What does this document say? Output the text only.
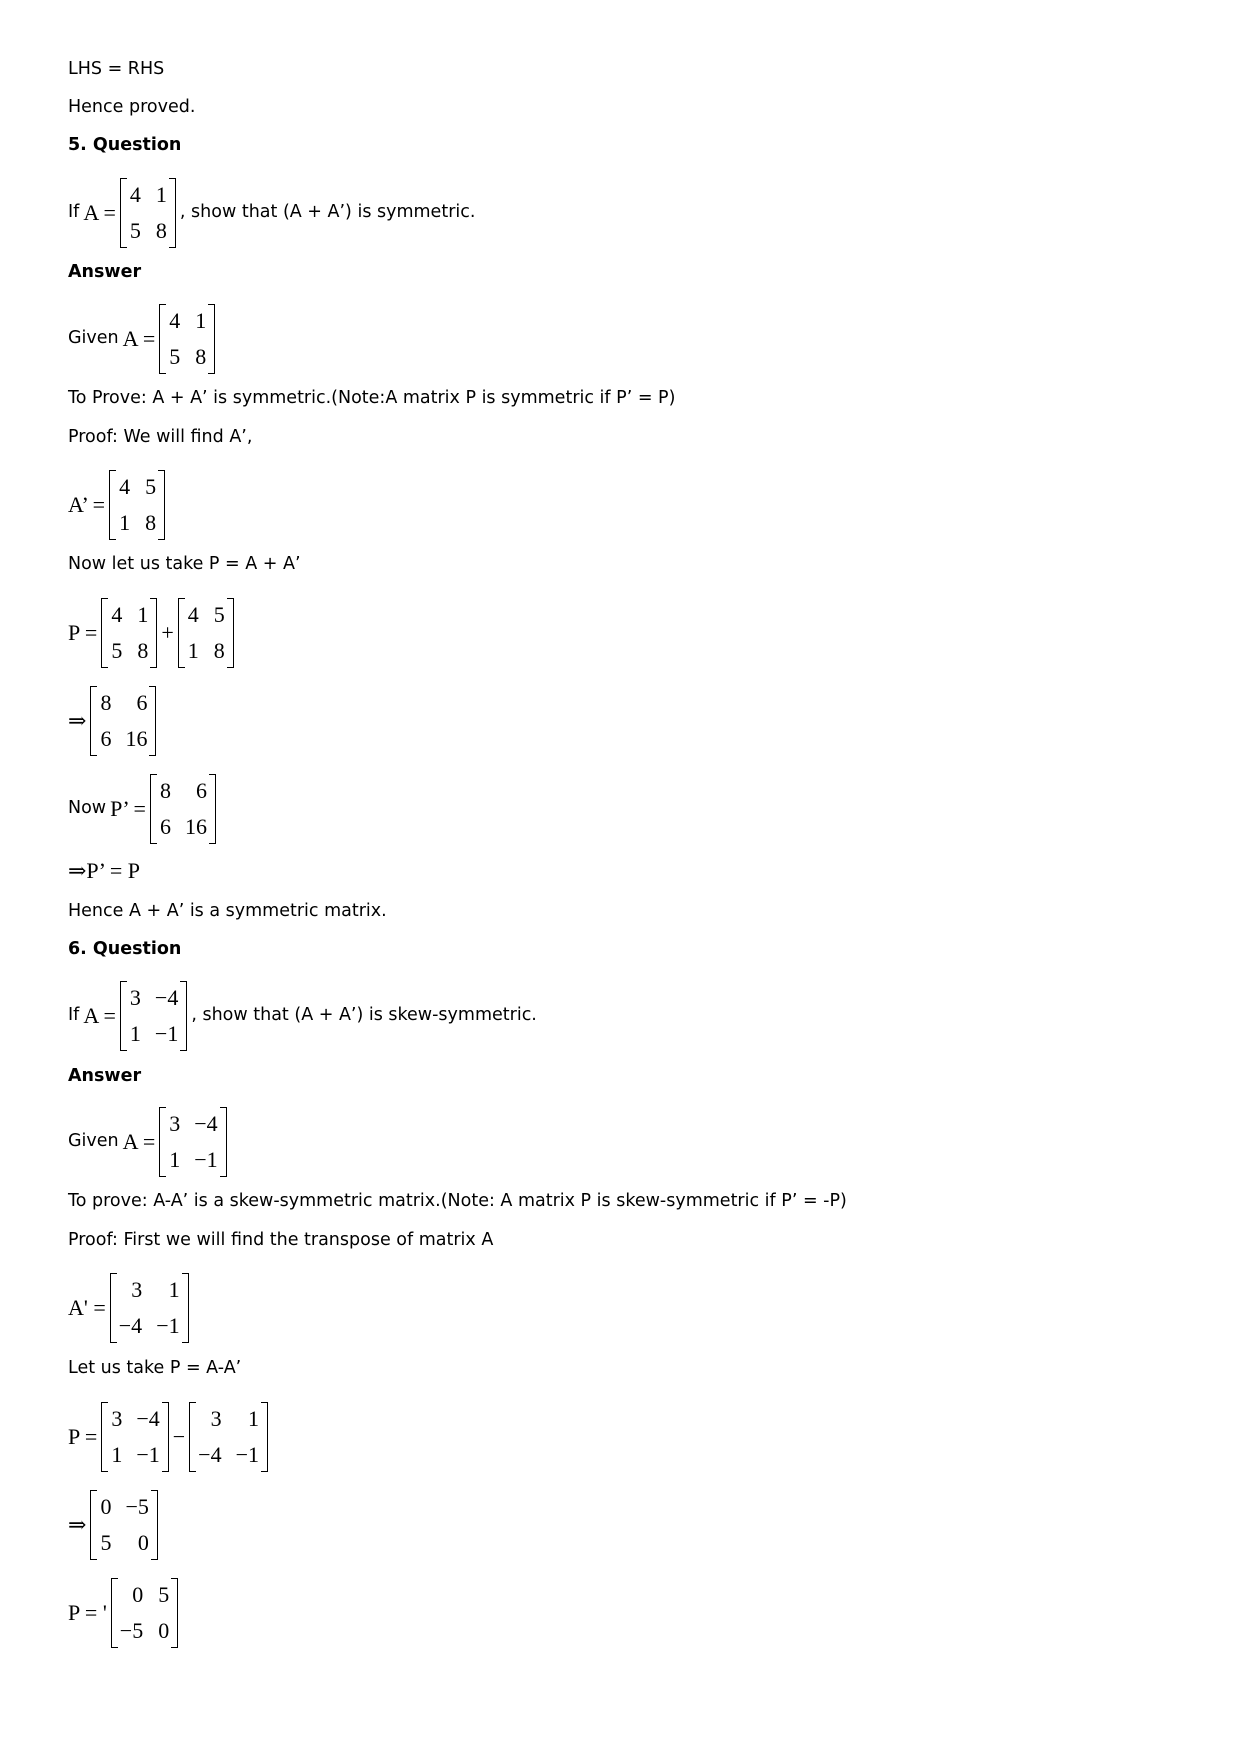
LHS = RHS
Hence proved.
5. Question
If A =
4 1
5 8
, show that (A + A’) is symmetric.
Answer
Given A =
4 1
5 8
To Prove: A + A’ is symmetric.(Note:A matrix P is symmetric if P’ = P)
Proof: We will find A’,
A’ =
4 5
1 8
Now let us take P = A + A’
P =
4 1
5 8
+
4 5
1 8
⇒
8	6
6 16
Now P’ =
8	6
6 16
⇒P’ = P
Hence A + A’ is a symmetric matrix.
6. Question
If A =
3 −4
1 −1
, show that (A + A’) is skew-symmetric.
Answer
Given A =
3 −4
1 −1
To prove: A-A’ is a skew-symmetric matrix.(Note: A matrix P is skew-symmetric if P’ = -P)
Proof: First we will find the transpose of matrix A
A' =
3	1
−4 −1
Let us take P = A-A’
P =
3 −4
1 −1
−
3	1
−4 −1
⇒
0 −5
5	0
P = '
0 5
−5 0
